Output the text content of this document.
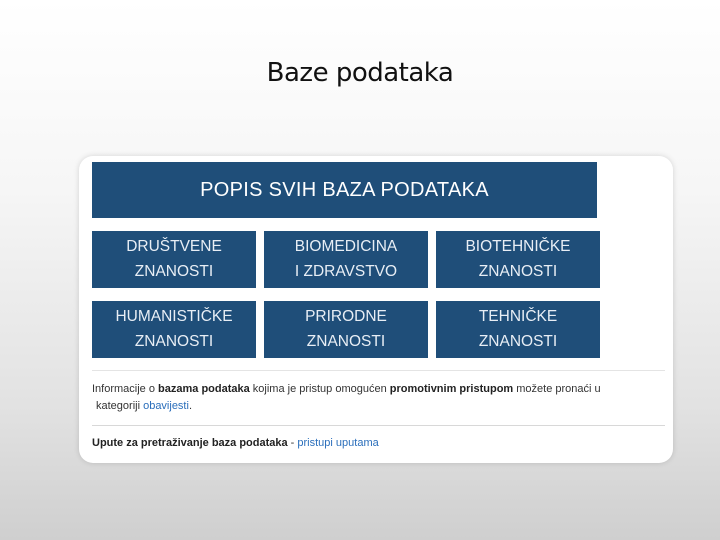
Baze podataka
POPIS SVIH BAZA PODATAKA
DRUŠTVENE
ZNANOSTI
BIOMEDICINA
I ZDRAVSTVO
BIOTEHNIČKE
ZNANOSTI
HUMANISTIČKE
ZNANOSTI
PRIRODNE
ZNANOSTI
TEHNIČKE
ZNANOSTI
Informacije o bazama podataka kojima je pristup omogućen promotivnim pristupom možete pronaći u
kategoriji obavijesti.
Upute za pretraživanje baza podataka - pristupi uputama
